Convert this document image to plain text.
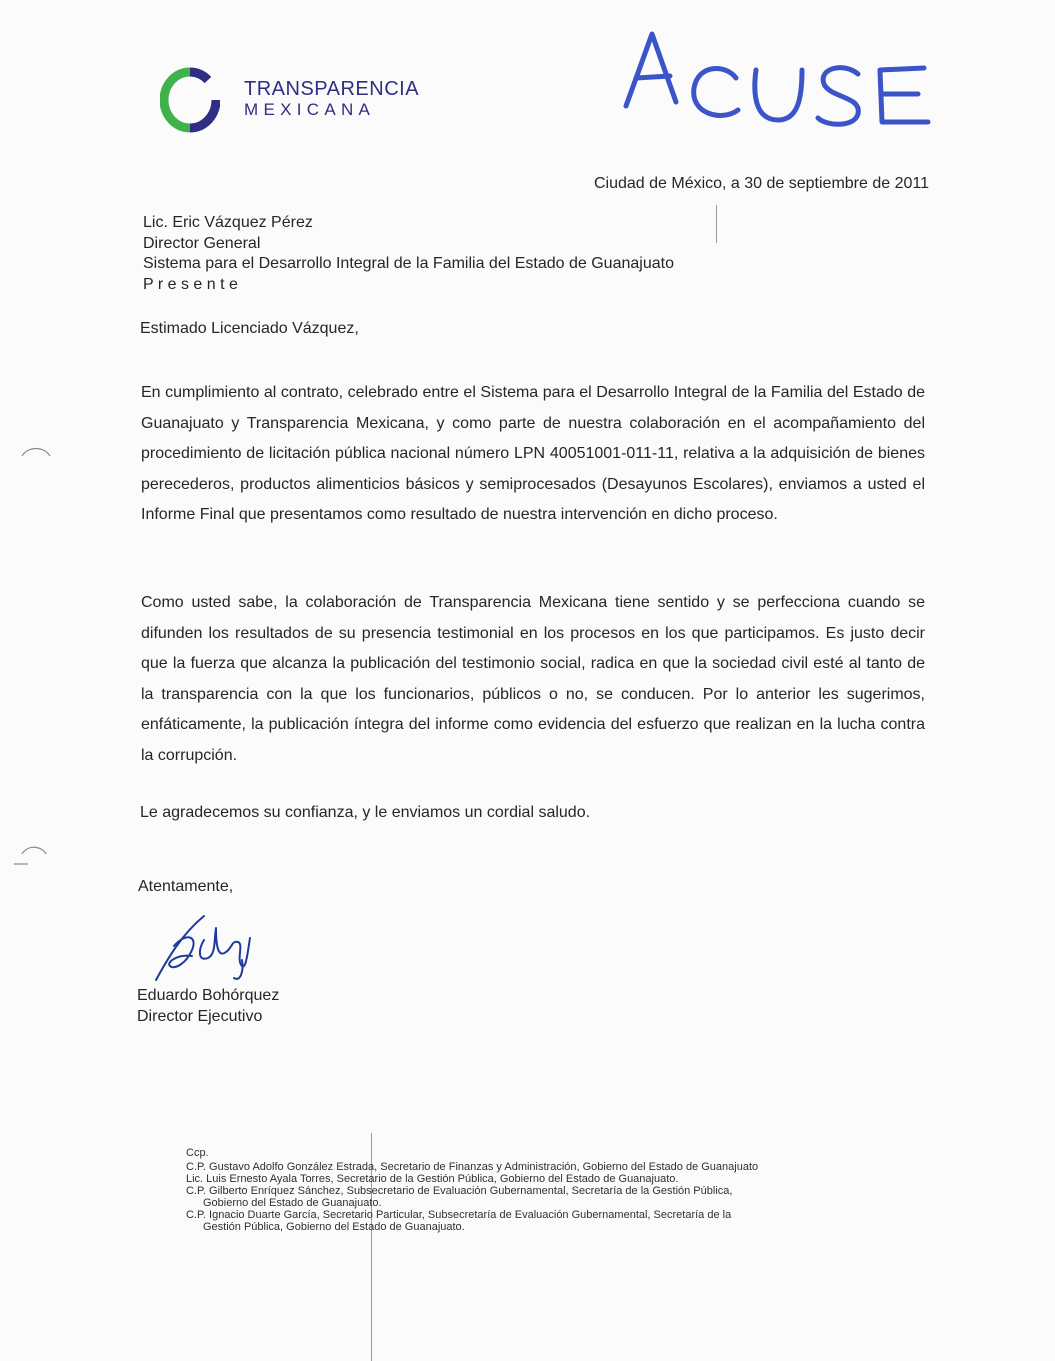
TRANSPARENCIA
MEXICANA
Ciudad de México, a 30 de septiembre de 2011
Lic. Eric Vázquez Pérez
Director General
Sistema para el Desarrollo Integral de la Familia del Estado de Guanajuato
P r e s e n t e
Estimado Licenciado Vázquez,
En cumplimiento al contrato, celebrado entre el Sistema para el Desarrollo Integral de la Familia del Estado de Guanajuato y Transparencia Mexicana, y como parte de nuestra colaboración en el acompañamiento del procedimiento de licitación pública nacional número LPN 40051001-011-11, relativa a la adquisición de bienes perecederos, productos alimenticios básicos y semiprocesados (Desayunos Escolares), enviamos a usted el Informe Final que presentamos como resultado de nuestra intervención en dicho proceso.
Como usted sabe, la colaboración de Transparencia Mexicana tiene sentido y se perfecciona cuando se difunden los resultados de su presencia testimonial en los procesos en los que participamos. Es justo decir que la fuerza que alcanza la publicación del testimonio social, radica en que la sociedad civil esté al tanto de la transparencia con la que los funcionarios, públicos o no, se conducen. Por lo anterior les sugerimos, enfáticamente, la publicación íntegra del informe como evidencia del esfuerzo que realizan en la lucha contra la corrupción.
Le agradecemos su confianza, y le enviamos un cordial saludo.
Atentamente,
Eduardo Bohórquez
Director Ejecutivo
Ccp.
C.P. Gustavo Adolfo González Estrada, Secretario de Finanzas y Administración, Gobierno del Estado de Guanajuato
Lic. Luis Ernesto Ayala Torres, Secretario de la Gestión Pública, Gobierno del Estado de Guanajuato.
C.P. Gilberto Enríquez Sánchez, Subsecretario de Evaluación Gubernamental, Secretaría de la Gestión Pública,
Gobierno del Estado de Guanajuato.
C.P. Ignacio Duarte García, Secretario Particular, Subsecretaría de Evaluación Gubernamental, Secretaría de la
Gestión Pública, Gobierno del Estado de Guanajuato.
